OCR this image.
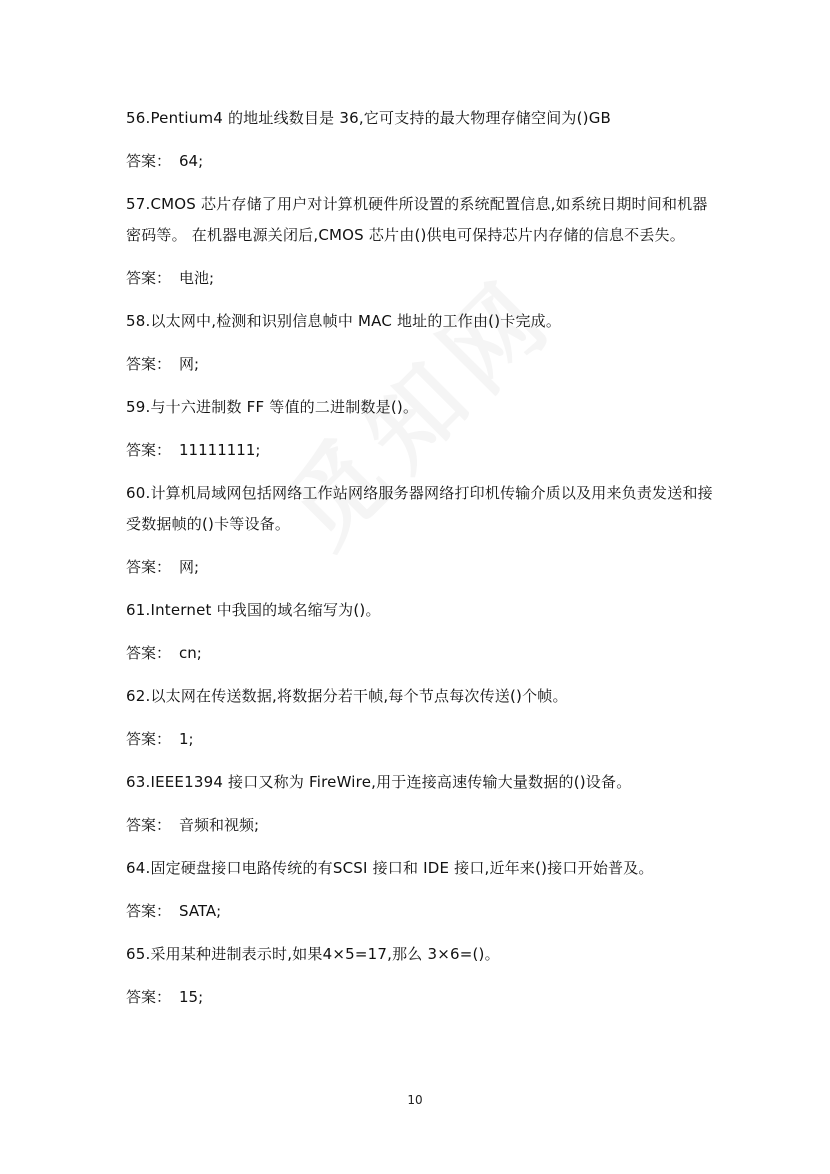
56.Pentium4 的地址线数目是 36,它可支持的最大物理存储空间为()GB

答案： 64;

57.CMOS 芯片存储了用户对计算机硬件所设置的系统配置信息,如系统日期时间和机器密码等。 在机器电源关闭后,CMOS 芯片由()供电可保持芯片内存储的信息不丢失。

答案： 电池;

58.以太网中,检测和识别信息帧中 MAC 地址的工作由()卡完成。

答案： 网;

59.与十六进制数 FF 等值的二进制数是()。

答案： 11111111;

60.计算机局域网包括网络工作站网络服务器网络打印机传输介质以及用来负责发送和接受数据帧的()卡等设备。

答案： 网;

61.Internet 中我国的域名缩写为()。

答案： cn;

62.以太网在传送数据,将数据分若干帧,每个节点每次传送()个帧。

答案： 1;

63.IEEE1394 接口又称为 FireWire,用于连接高速传输大量数据的()设备。

答案： 音频和视频;

64.固定硬盘接口电路传统的有SCSI 接口和 IDE 接口,近年来()接口开始普及。

答案： SATA;

65.采用某种进制表示时,如果4×5=17,那么 3×6=()。

答案： 15;

10
